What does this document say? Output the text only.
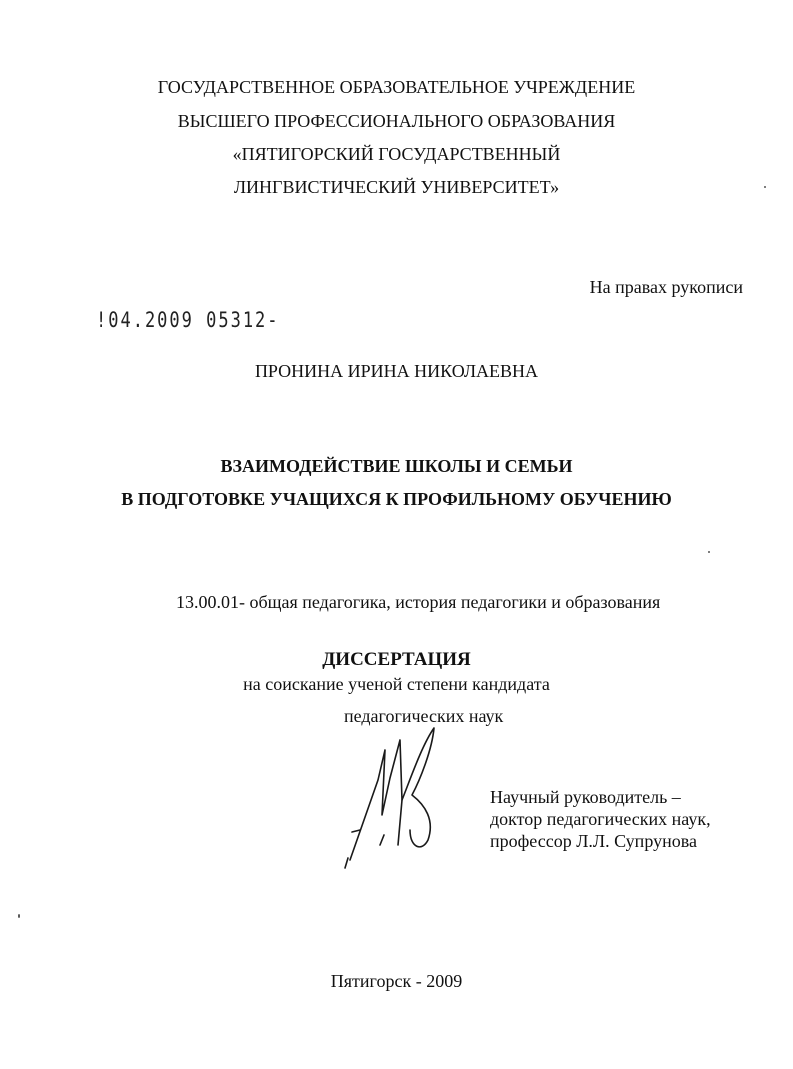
ГОСУДАРСТВЕННОЕ ОБРАЗОВАТЕЛЬНОЕ УЧРЕЖДЕНИЕ
ВЫСШЕГО ПРОФЕССИОНАЛЬНОГО ОБРАЗОВАНИЯ
«ПЯТИГОРСКИЙ ГОСУДАРСТВЕННЫЙ
ЛИНГВИСТИЧЕСКИЙ УНИВЕРСИТЕТ»
На правах рукописи
!04.2009 05312-
ПРОНИНА ИРИНА НИКОЛАЕВНА
ВЗАИМОДЕЙСТВИЕ ШКОЛЫ И СЕМЬИ
В ПОДГОТОВКЕ УЧАЩИХСЯ К ПРОФИЛЬНОМУ ОБУЧЕНИЮ
13.00.01- общая педагогика, история педагогики и образования
ДИССЕРТАЦИЯ
на соискание ученой степени кандидата
педагогических наук
Научный руководитель –
доктор педагогических наук,
профессор Л.Л. Супрунова
Пятигорск - 2009
